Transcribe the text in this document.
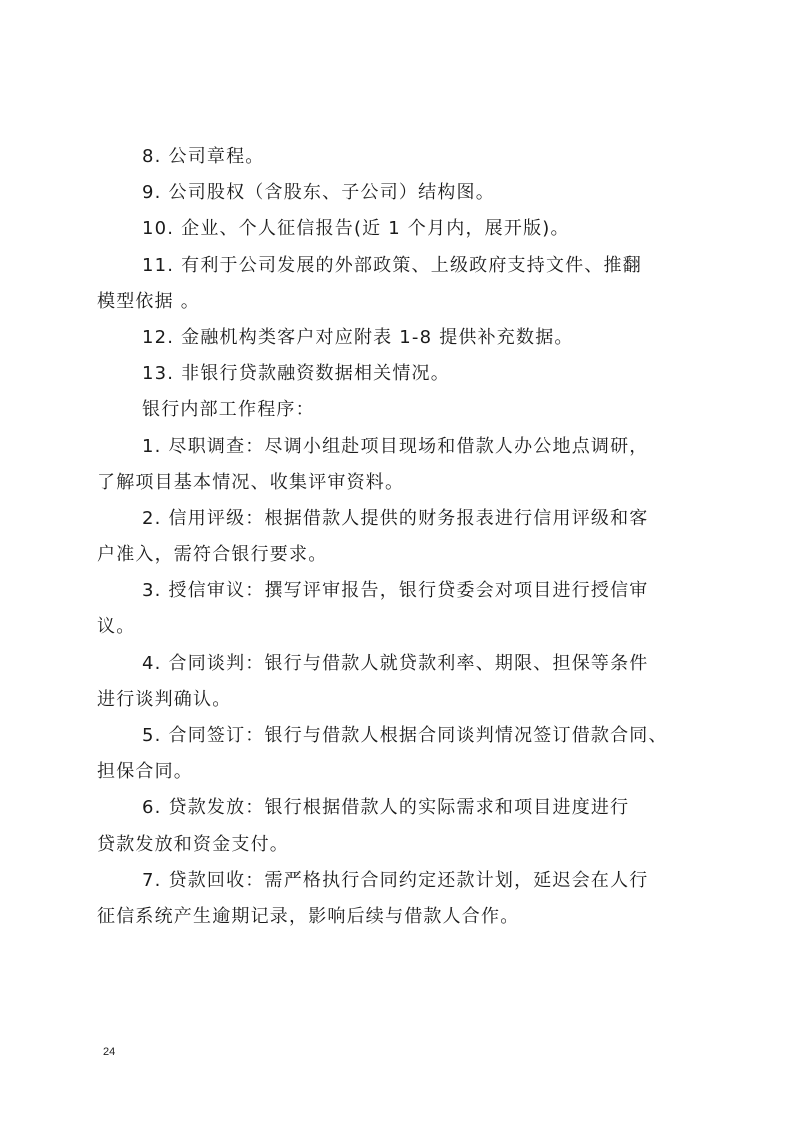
8. 公司章程。
9. 公司股权（含股东、子公司）结构图。
10. 企业、个人征信报告(近 1 个月内，展开版)。
11. 有利于公司发展的外部政策、上级政府支持文件、推翻
模型依据 。
12. 金融机构类客户对应附表 1-8 提供补充数据。
13. 非银行贷款融资数据相关情况。
银行内部工作程序：
1. 尽职调查：尽调小组赴项目现场和借款人办公地点调研，
了解项目基本情况、收集评审资料。
2. 信用评级：根据借款人提供的财务报表进行信用评级和客
户准入，需符合银行要求。
3. 授信审议：撰写评审报告，银行贷委会对项目进行授信审
议。
4. 合同谈判：银行与借款人就贷款利率、期限、担保等条件
进行谈判确认。
5. 合同签订：银行与借款人根据合同谈判情况签订借款合同、
担保合同。
6. 贷款发放：银行根据借款人的实际需求和项目进度进行
贷款发放和资金支付。
7. 贷款回收：需严格执行合同约定还款计划，延迟会在人行
征信系统产生逾期记录，影响后续与借款人合作。
24
